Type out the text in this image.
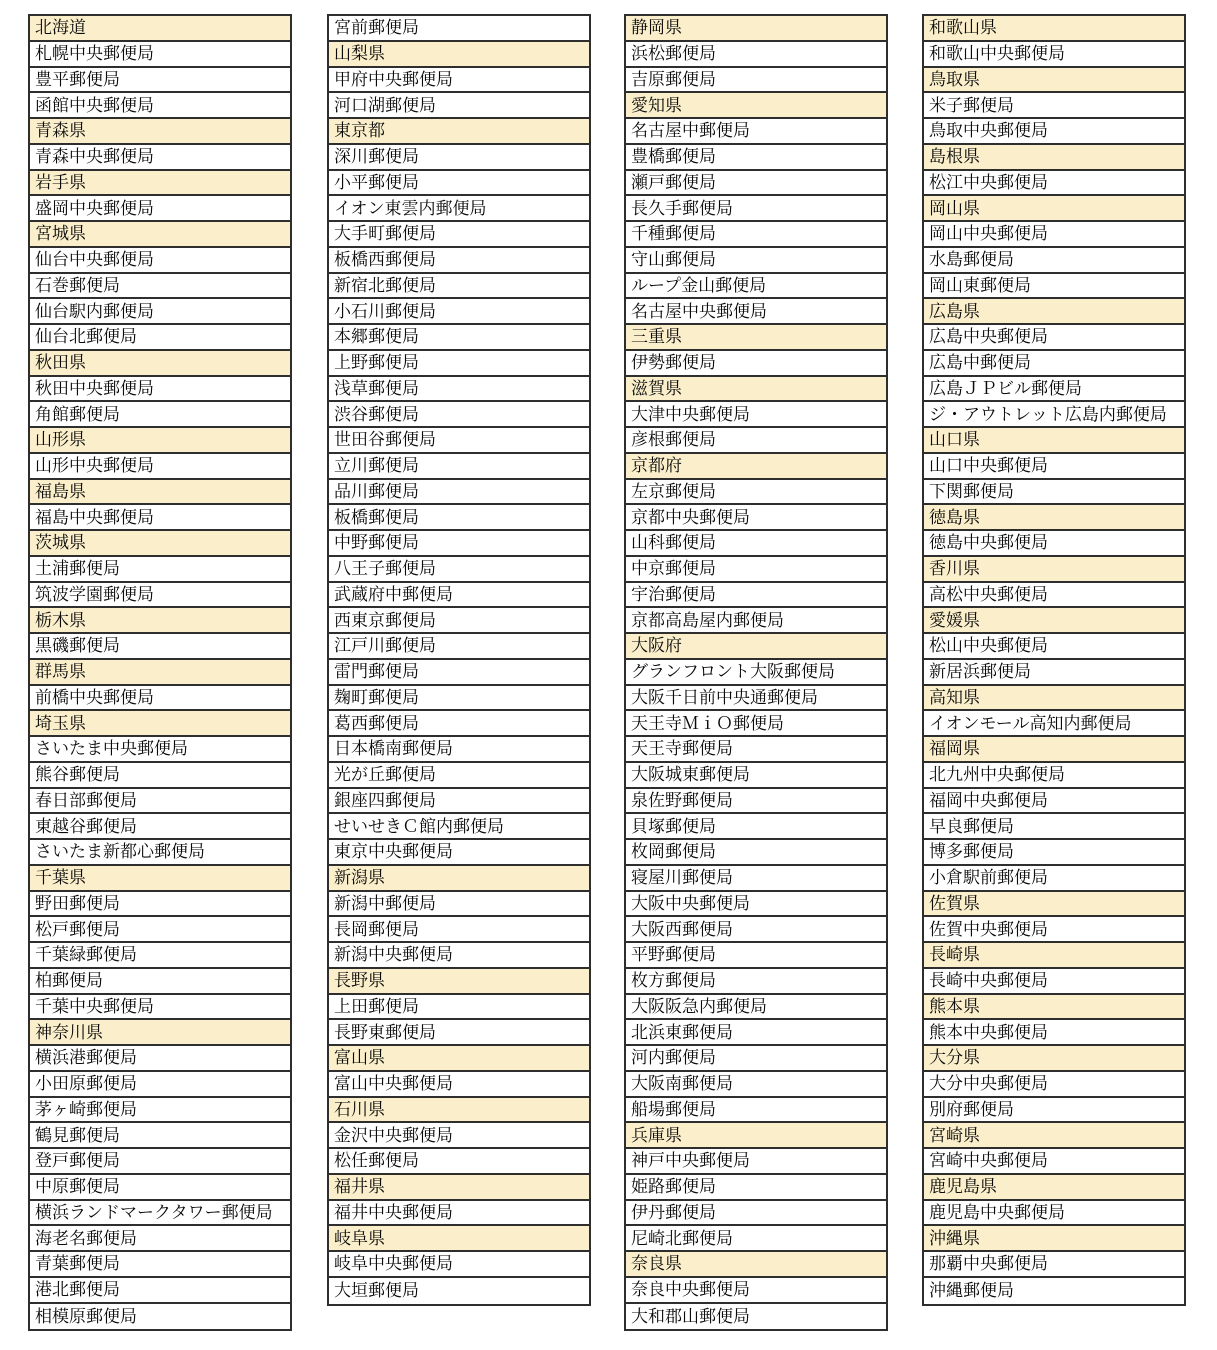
北海道
札幌中央郵便局
豊平郵便局
函館中央郵便局
青森県
青森中央郵便局
岩手県
盛岡中央郵便局
宮城県
仙台中央郵便局
石巻郵便局
仙台駅内郵便局
仙台北郵便局
秋田県
秋田中央郵便局
角館郵便局
山形県
山形中央郵便局
福島県
福島中央郵便局
茨城県
土浦郵便局
筑波学園郵便局
栃木県
黒磯郵便局
群馬県
前橋中央郵便局
埼玉県
さいたま中央郵便局
熊谷郵便局
春日部郵便局
東越谷郵便局
さいたま新都心郵便局
千葉県
野田郵便局
松戸郵便局
千葉緑郵便局
柏郵便局
千葉中央郵便局
神奈川県
横浜港郵便局
小田原郵便局
茅ヶ崎郵便局
鶴見郵便局
登戸郵便局
中原郵便局
横浜ランドマークタワー郵便局
海老名郵便局
青葉郵便局
港北郵便局
相模原郵便局
宮前郵便局
山梨県
甲府中央郵便局
河口湖郵便局
東京都
深川郵便局
小平郵便局
イオン東雲内郵便局
大手町郵便局
板橋西郵便局
新宿北郵便局
小石川郵便局
本郷郵便局
上野郵便局
浅草郵便局
渋谷郵便局
世田谷郵便局
立川郵便局
品川郵便局
板橋郵便局
中野郵便局
八王子郵便局
武蔵府中郵便局
西東京郵便局
江戸川郵便局
雷門郵便局
麹町郵便局
葛西郵便局
日本橋南郵便局
光が丘郵便局
銀座四郵便局
せいせきＣ館内郵便局
東京中央郵便局
新潟県
新潟中郵便局
長岡郵便局
新潟中央郵便局
長野県
上田郵便局
長野東郵便局
富山県
富山中央郵便局
石川県
金沢中央郵便局
松任郵便局
福井県
福井中央郵便局
岐阜県
岐阜中央郵便局
大垣郵便局
静岡県
浜松郵便局
吉原郵便局
愛知県
名古屋中郵便局
豊橋郵便局
瀬戸郵便局
長久手郵便局
千種郵便局
守山郵便局
ループ金山郵便局
名古屋中央郵便局
三重県
伊勢郵便局
滋賀県
大津中央郵便局
彦根郵便局
京都府
左京郵便局
京都中央郵便局
山科郵便局
中京郵便局
宇治郵便局
京都高島屋内郵便局
大阪府
グランフロント大阪郵便局
大阪千日前中央通郵便局
天王寺ＭｉＯ郵便局
天王寺郵便局
大阪城東郵便局
泉佐野郵便局
貝塚郵便局
枚岡郵便局
寝屋川郵便局
大阪中央郵便局
大阪西郵便局
平野郵便局
枚方郵便局
大阪阪急内郵便局
北浜東郵便局
河内郵便局
大阪南郵便局
船場郵便局
兵庫県
神戸中央郵便局
姫路郵便局
伊丹郵便局
尼崎北郵便局
奈良県
奈良中央郵便局
大和郡山郵便局
和歌山県
和歌山中央郵便局
鳥取県
米子郵便局
鳥取中央郵便局
島根県
松江中央郵便局
岡山県
岡山中央郵便局
水島郵便局
岡山東郵便局
広島県
広島中央郵便局
広島中郵便局
広島ＪＰビル郵便局
ジ・アウトレット広島内郵便局
山口県
山口中央郵便局
下関郵便局
徳島県
徳島中央郵便局
香川県
高松中央郵便局
愛媛県
松山中央郵便局
新居浜郵便局
高知県
イオンモール高知内郵便局
福岡県
北九州中央郵便局
福岡中央郵便局
早良郵便局
博多郵便局
小倉駅前郵便局
佐賀県
佐賀中央郵便局
長崎県
長崎中央郵便局
熊本県
熊本中央郵便局
大分県
大分中央郵便局
別府郵便局
宮崎県
宮崎中央郵便局
鹿児島県
鹿児島中央郵便局
沖縄県
那覇中央郵便局
沖縄郵便局
